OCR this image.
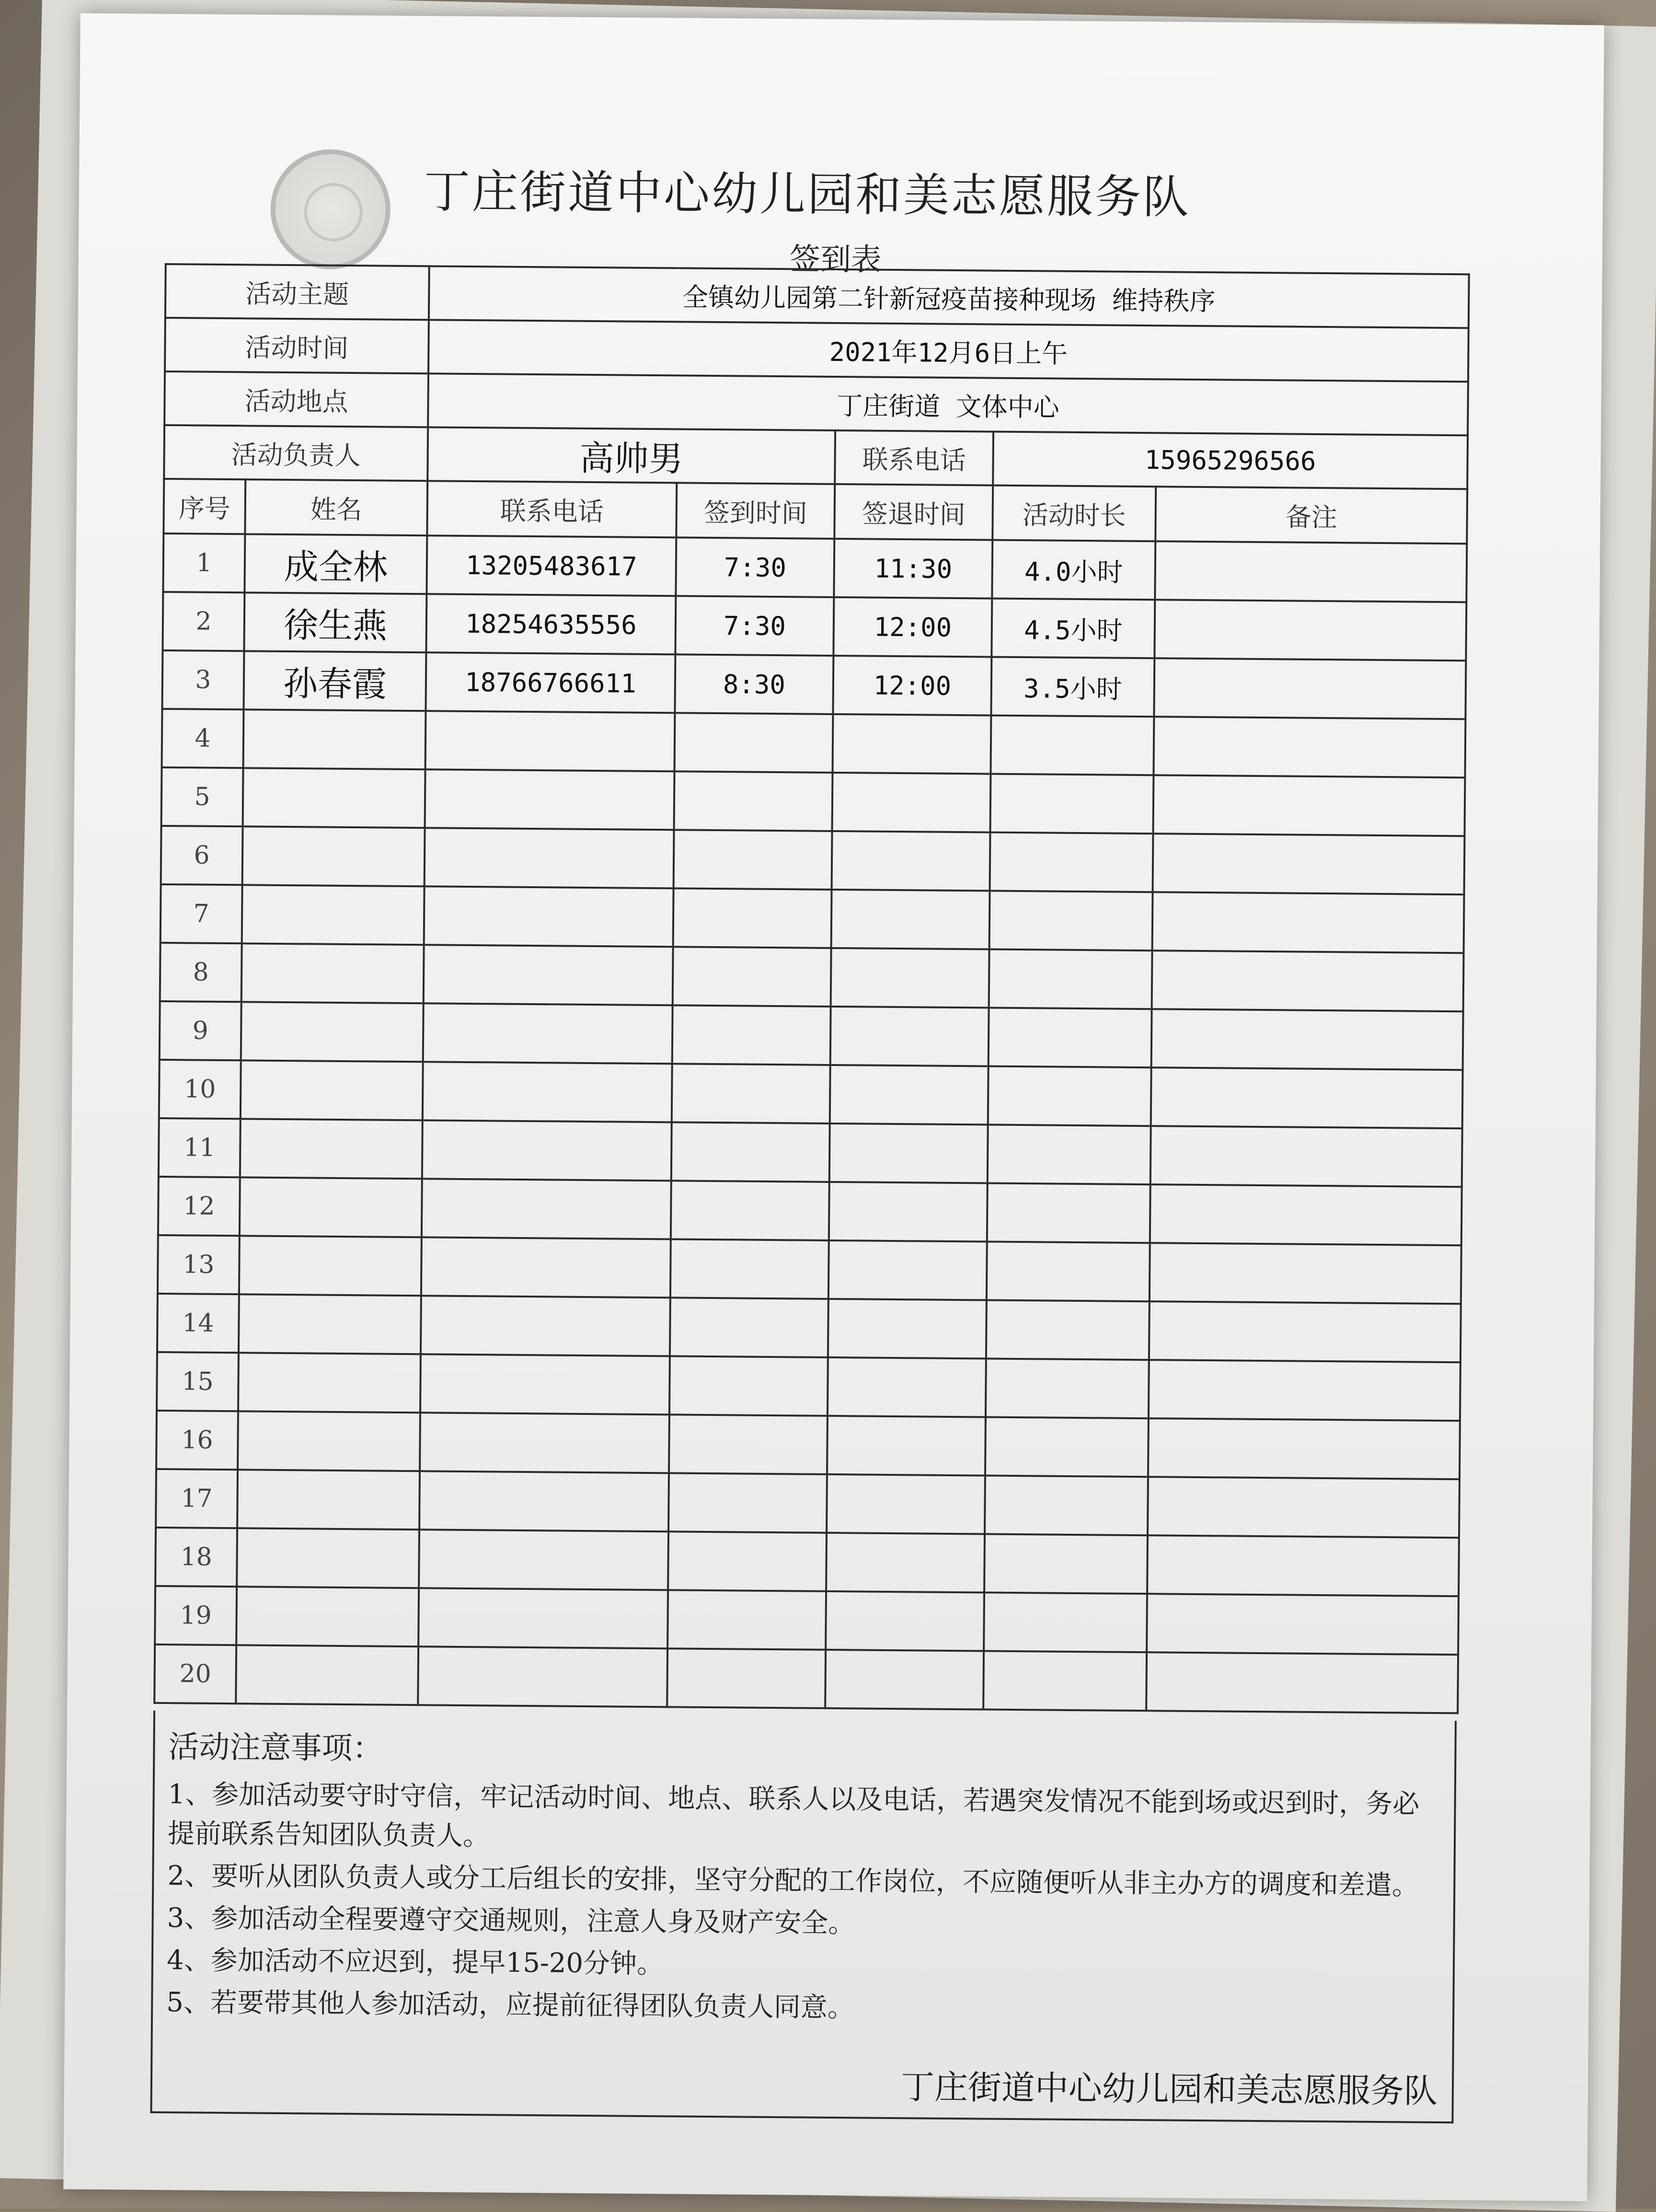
丁庄街道中心幼儿园和美志愿服务队
签到表
活动主题		全镇幼儿园第二针新冠疫苗接种现场 维持秩序				
活动时间		2021年12月6日上午				
活动地点		丁庄街道 文体中心				
活动负责人		高帅男		联系电话	15965296566	
序号	姓名	联系电话	签到时间	签退时间	活动时长	备注
1	成全林	13205483617	7:30	11:30	4.0小时	
2	徐生燕	18254635556	7:30	12:00	4.5小时	
3	孙春霞	18766766611	8:30	12:00	3.5小时	
4						
5						
6						
7						
8						
9						
10						
11						
12						
13						
14						
15						
16						
17						
18						
19						
20						
活动注意事项：
1、参加活动要守时守信，牢记活动时间、地点、联系人以及电话，若遇突发情况不能到场或迟到时，务必提前联系告知团队负责人。
2、要听从团队负责人或分工后组长的安排，坚守分配的工作岗位，不应随便听从非主办方的调度和差遣。
3、参加活动全程要遵守交通规则，注意人身及财产安全。
4、参加活动不应迟到，提早15-20分钟。
5、若要带其他人参加活动，应提前征得团队负责人同意。
丁庄街道中心幼儿园和美志愿服务队
